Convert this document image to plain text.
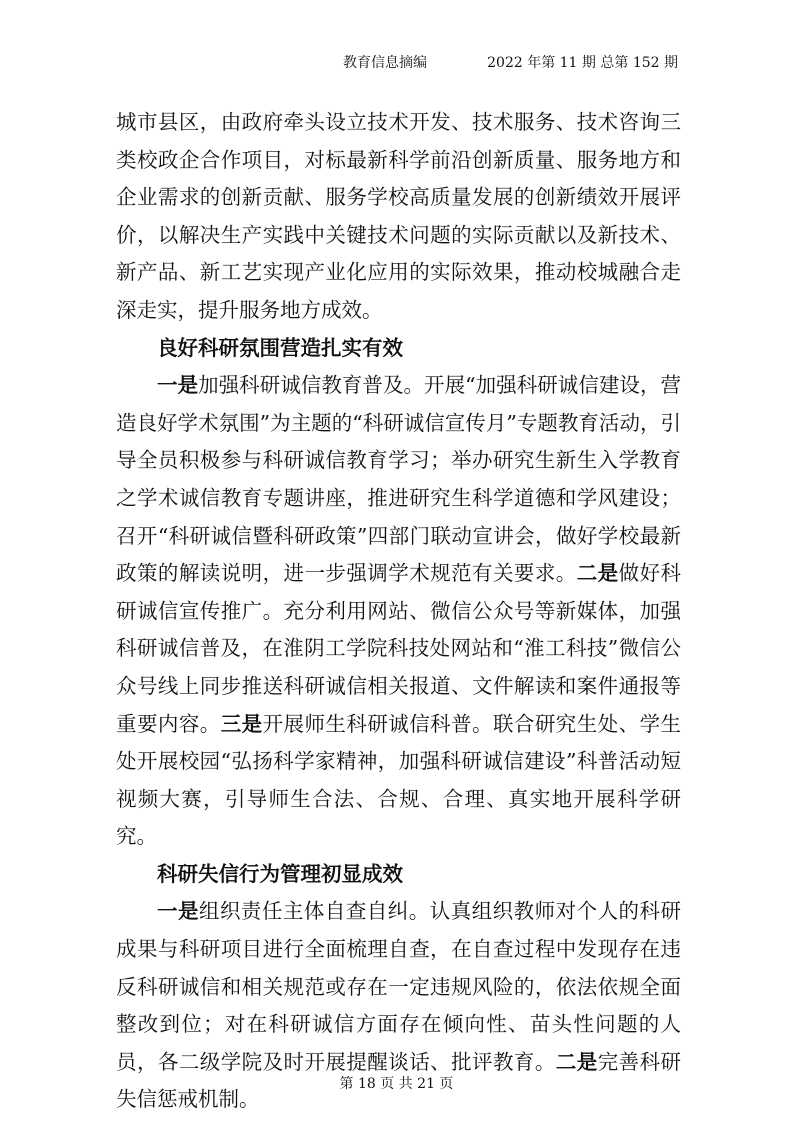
教育信息摘编	2022 年第 11 期 总第 152 期

城市县区，由政府牵头设立技术开发、技术服务、技术咨询三类校政企合作项目，对标最新科学前沿创新质量、服务地方和企业需求的创新贡献、服务学校高质量发展的创新绩效开展评价，以解决生产实践中关键技术问题的实际贡献以及新技术、新产品、新工艺实现产业化应用的实际效果，推动校城融合走深走实，提升服务地方成效。

良好科研氛围营造扎实有效

一是加强科研诚信教育普及。开展“加强科研诚信建设，营造良好学术氛围”为主题的“科研诚信宣传月”专题教育活动，引导全员积极参与科研诚信教育学习；举办研究生新生入学教育之学术诚信教育专题讲座，推进研究生科学道德和学风建设；召开“科研诚信暨科研政策”四部门联动宣讲会，做好学校最新政策的解读说明，进一步强调学术规范有关要求。二是做好科研诚信宣传推广。充分利用网站、微信公众号等新媒体，加强科研诚信普及，在淮阴工学院科技处网站和“淮工科技”微信公众号线上同步推送科研诚信相关报道、文件解读和案件通报等重要内容。三是开展师生科研诚信科普。联合研究生处、学生处开展校园“弘扬科学家精神，加强科研诚信建设”科普活动短视频大赛，引导师生合法、合规、合理、真实地开展科学研究。

科研失信行为管理初显成效

一是组织责任主体自查自纠。认真组织教师对个人的科研成果与科研项目进行全面梳理自查，在自查过程中发现存在违反科研诚信和相关规范或存在一定违规风险的，依法依规全面整改到位；对在科研诚信方面存在倾向性、苗头性问题的人员，各二级学院及时开展提醒谈话、批评教育。二是完善科研失信惩戒机制。

第 18 页 共 21 页
